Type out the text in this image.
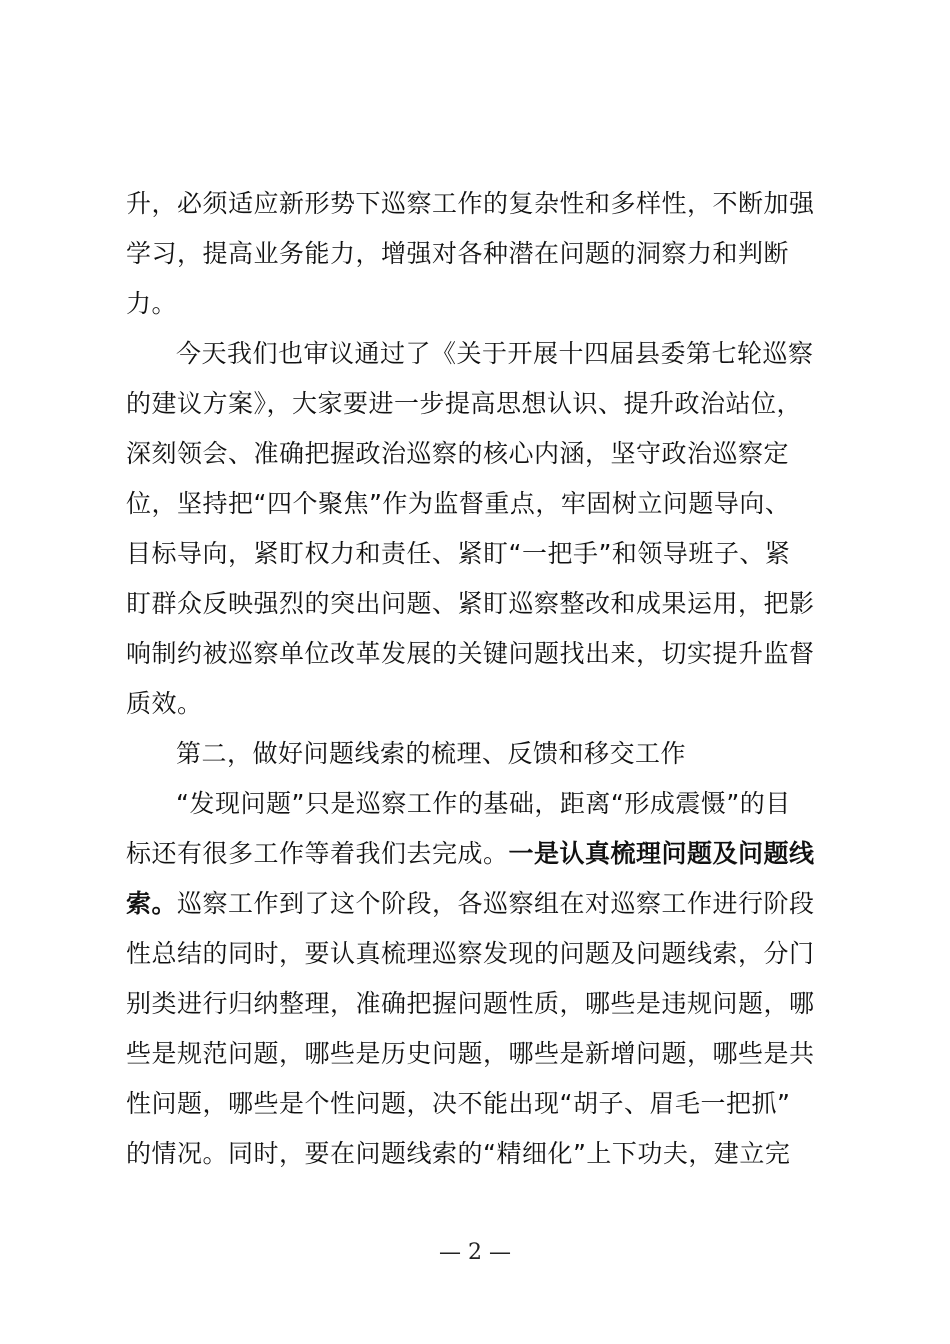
升，必须适应新形势下巡察工作的复杂性和多样性，不断加强
学习，提高业务能力，增强对各种潜在问题的洞察力和判断
力。
今天我们也审议通过了《关于开展十四届县委第七轮巡察
的建议方案》，大家要进一步提高思想认识、提升政治站位，
深刻领会、准确把握政治巡察的核心内涵，坚守政治巡察定
位，坚持把“四个聚焦”作为监督重点，牢固树立问题导向、
目标导向，紧盯权力和责任、紧盯“一把手”和领导班子、紧
盯群众反映强烈的突出问题、紧盯巡察整改和成果运用，把影
响制约被巡察单位改革发展的关键问题找出来，切实提升监督
质效。
第二，做好问题线索的梳理、反馈和移交工作
“发现问题”只是巡察工作的基础，距离“形成震慑”的目
标还有很多工作等着我们去完成。一是认真梳理问题及问题线
索。巡察工作到了这个阶段，各巡察组在对巡察工作进行阶段
性总结的同时，要认真梳理巡察发现的问题及问题线索，分门
别类进行归纳整理，准确把握问题性质，哪些是违规问题，哪
些是规范问题，哪些是历史问题，哪些是新增问题，哪些是共
性问题，哪些是个性问题，决不能出现“胡子、眉毛一把抓”
的情况。同时，要在问题线索的“精细化”上下功夫，建立完
— 2 —
